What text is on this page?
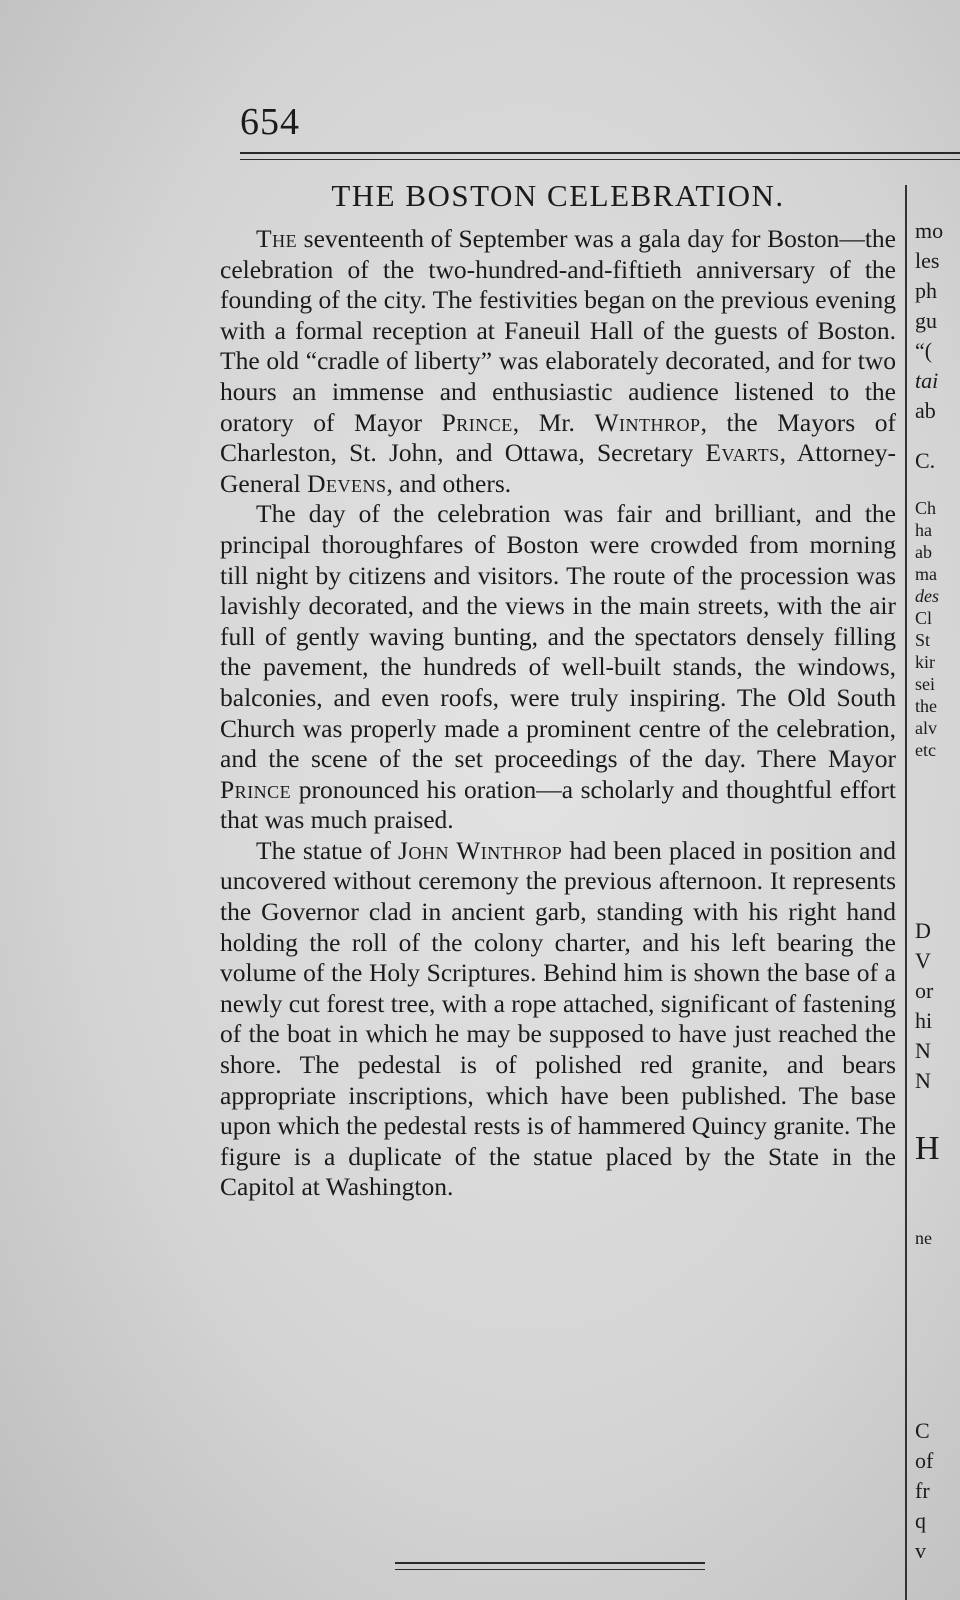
654
THE BOSTON CELEBRATION.

The seventeenth of September was a gala day for Boston—the celebration of the two-hundred-and-fiftieth anniversary of the founding of the city. The festivities began on the previous evening with a formal reception at Faneuil Hall of the guests of Boston. The old “cradle of liberty” was elaborately decorated, and for two hours an immense and enthusiastic audience listened to the oratory of Mayor Prince, Mr. Winthrop, the Mayors of Charleston, St. John, and Ottawa, Secretary Evarts, Attorney-General Devens, and others.

The day of the celebration was fair and brilliant, and the principal thoroughfares of Boston were crowded from morning till night by citizens and visitors. The route of the procession was lavishly decorated, and the views in the main streets, with the air full of gently waving bunting, and the spectators densely filling the pavement, the hundreds of well-built stands, the windows, balconies, and even roofs, were truly inspiring. The Old South Church was properly made a prominent centre of the celebration, and the scene of the set proceedings of the day. There Mayor Prince pronounced his oration—a scholarly and thoughtful effort that was much praised.

The statue of John Winthrop had been placed in position and uncovered without ceremony the previous afternoon. It represents the Governor clad in ancient garb, standing with his right hand holding the roll of the colony charter, and his left bearing the volume of the Holy Scriptures. Behind him is shown the base of a newly cut forest tree, with a rope attached, significant of fastening of the boat in which he may be supposed to have just reached the shore. The pedestal is of polished red granite, and bears appropriate inscriptions, which have been published. The base upon which the pedestal rests is of hammered Quincy granite. The figure is a duplicate of the statue placed by the State in the Capitol at Washington.

mo
les
ph
gu
“(
tai
ab
C.
Ch
ha
ab
ma
des
Cl
St
kir
sei
the
alv
etc
D
V
or
hi
N
N
H
ne
C
of
fr
q
v
